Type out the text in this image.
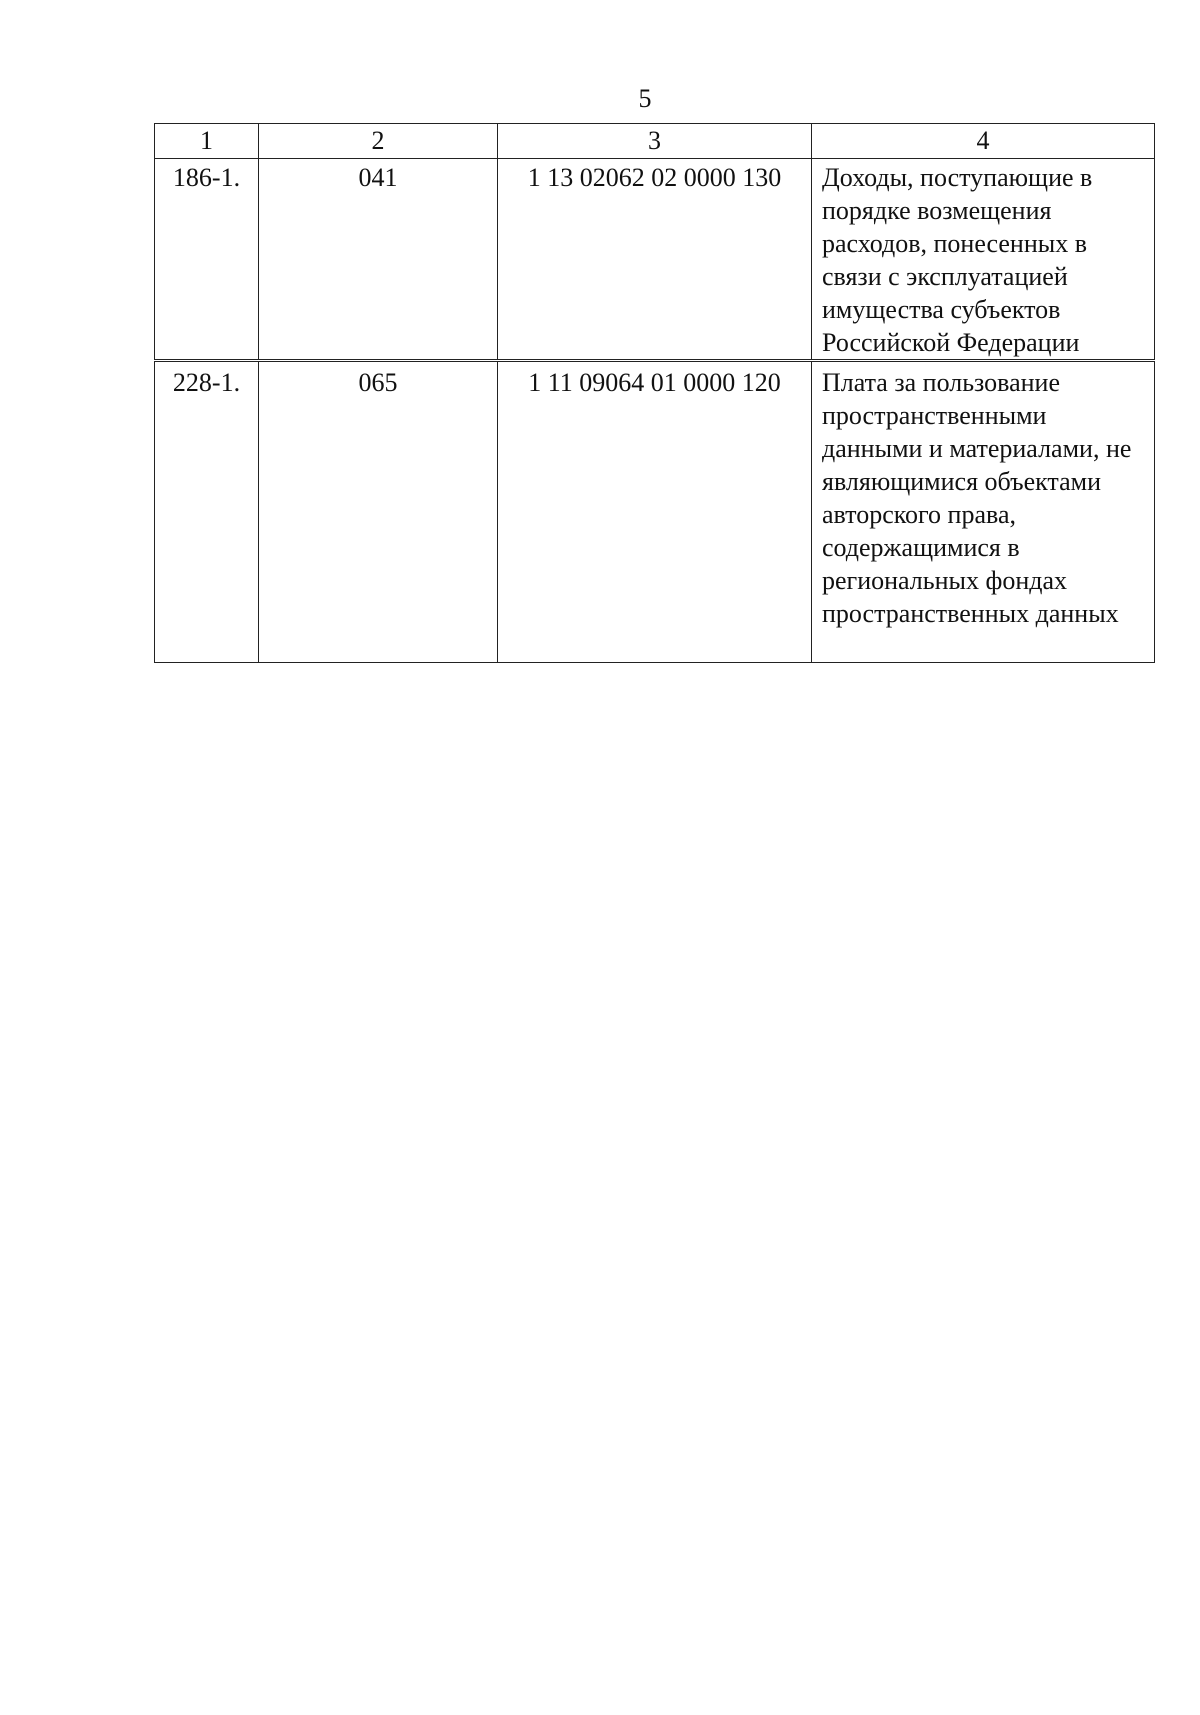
5
1	2	3	4
186-1.	041	1 13 02062 02 0000 130	Доходы, поступающие в порядке возмещения расходов, понесенных в связи с эксплуатацией имущества субъектов Российской Федерации
228-1.	065	1 11 09064 01 0000 120	Плата за пользование пространственными данными и материалами, не являющимися объектами авторского права, содержащимися в региональных фондах пространственных данных
